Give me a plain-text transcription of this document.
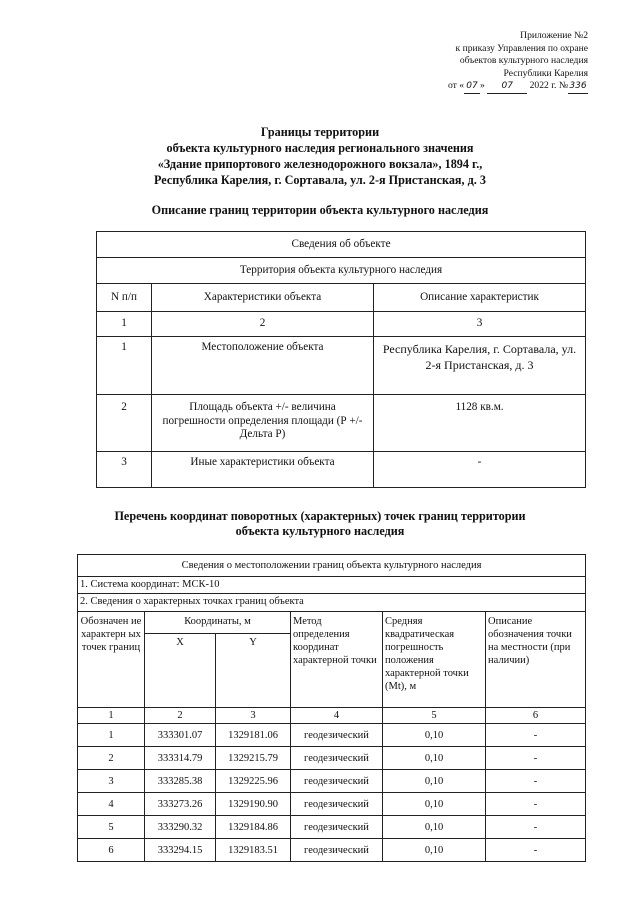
Приложение №2
к приказу Управления по охране
объектов культурного наследия
Республики Карелия
от « 07 » 07 2022 г. №336
Границы территории
объекта культурного наследия регионального значения
«Здание припортового железнодорожного вокзала», 1894 г.,
Республика Карелия, г. Сортавала, ул. 2-я Пристанская, д. 3
Описание границ территории объекта культурного наследия
Сведения об объекте		
Территория объекта культурного наследия		
N п/п	Характеристики объекта	Описание характеристик
1	2	3
1	Местоположение объекта	Республика Карелия, г. Сортавала, ул. 2-я Пристанская, д. 3
2	Площадь объекта +/- величина погрешности определения площади (Р +/- Дельта Р)	1128 кв.м.
3	Иные характеристики объекта	-
Перечень координат поворотных (характерных) точек границ территории
объекта культурного наследия
Сведения о местоположении границ объекта культурного наследия					
1. Система координат: МСК-10					
2. Сведения о характерных точках границ объекта					
Обозначен ие характерн ых точек границ	Координаты, м		Метод определения координат характерной точки	Средняя квадратическая погрешность положения характерной точки (Mt), м	Описание обозначения точки на местности (при наличии)
	X	Y			
1	2	3	4	5	6
1	333301.07	1329181.06	геодезический	0,10	-
2	333314.79	1329215.79	геодезический	0,10	-
3	333285.38	1329225.96	геодезический	0,10	-
4	333273.26	1329190.90	геодезический	0,10	-
5	333290.32	1329184.86	геодезический	0,10	-
6	333294.15	1329183.51	геодезический	0,10	-
